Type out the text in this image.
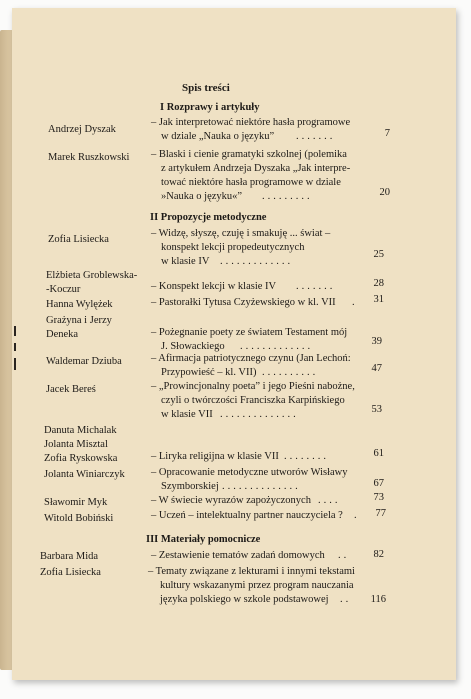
Spis treści
I Rozprawy i artykuły
Andrzej Dyszak
– Jak interpretować niektóre hasła programowe
w dziale „Nauka o języku” .......	7
Marek Ruszkowski – Blaski i cienie gramatyki szkolnej (polemika
z artykułem Andrzeja Dyszaka „Jak interpre-
tować niektóre hasła programowe w dziale
»Nauka o języku«” .........	20
II Propozycje metodyczne
Zofia Lisiecka
– Widzę, słyszę, czuję i smakuję ... świat –
konspekt lekcji propedeutycznych
w klasie IV .............
25
Elżbieta Groblewska-
-Koczur	– Konspekt lekcji w klasie IV .......	28
Hanna Wylężek	– Pastorałki Tytusa Czyżewskiego w kl. VII .	31
Grażyna i Jerzy
Deneka	– Pożegnanie poety ze światem Testament mój
J. Słowackiego .............	39
Waldemar Dziuba	– Afirmacja patriotycznego czynu (Jan Lechoń:
Przypowieść – kl. VII) ..........	47
Jacek Bereś	– „Prowincjonalny poeta” i jego Pieśni nabożne,
czyli o twórczości Franciszka Karpińskiego
w klasie VII ..............	53
Danuta Michalak
Jolanta Misztal
Zofia Ryskowska	– Liryka religijna w klasie VII ........	61
Jolanta Winiarczyk	– Opracowanie metodyczne utworów Wisławy
Szymborskiej ..............	67
Sławomir Myk	– W świecie wyrazów zapożyczonych ....	73
Witold Bobiński	– Uczeń – intelektualny partner nauczyciela ? .	77
III Materiały pomocnicze
Barbara Mida	– Zestawienie tematów zadań domowych ..	82
Zofia Lisiecka	– Tematy związane z lekturami i innymi tekstami
kultury wskazanymi przez program nauczania
języka polskiego w szkole podstawowej ..	116
